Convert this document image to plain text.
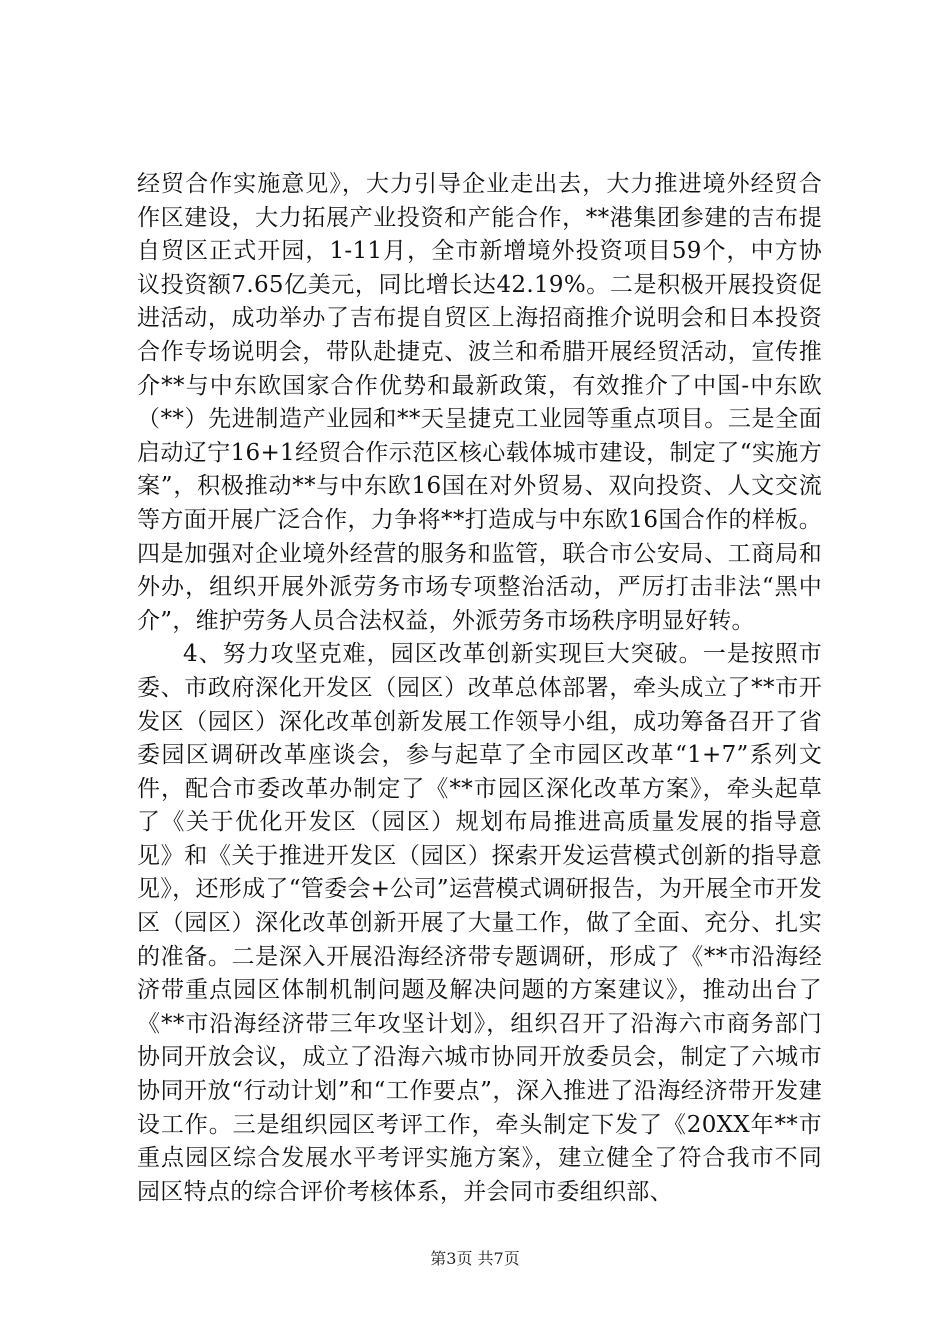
经贸合作实施意见》，大力引导企业走出去，大力推进境外经贸合作区建设，大力拓展产业投资和产能合作，**港集团参建的吉布提自贸区正式开园，1-11月，全市新增境外投资项目59个，中方协议投资额7.65亿美元，同比增长达42.19%。二是积极开展投资促进活动，成功举办了吉布提自贸区上海招商推介说明会和日本投资合作专场说明会，带队赴捷克、波兰和希腊开展经贸活动，宣传推介**与中东欧国家合作优势和最新政策，有效推介了中国-中东欧（**）先进制造产业园和**天呈捷克工业园等重点项目。三是全面启动辽宁16+1经贸合作示范区核心载体城市建设，制定了“实施方案”，积极推动**与中东欧16国在对外贸易、双向投资、人文交流等方面开展广泛合作，力争将**打造成与中东欧16国合作的样板。四是加强对企业境外经营的服务和监管，联合市公安局、工商局和外办，组织开展外派劳务市场专项整治活动，严厉打击非法“黑中介”，维护劳务人员合法权益，外派劳务市场秩序明显好转。

4、努力攻坚克难，园区改革创新实现巨大突破。一是按照市委、市政府深化开发区（园区）改革总体部署，牵头成立了**市开发区（园区）深化改革创新发展工作领导小组，成功筹备召开了省委园区调研改革座谈会，参与起草了全市园区改革“1+7”系列文件，配合市委改革办制定了《**市园区深化改革方案》，牵头起草了《关于优化开发区（园区）规划布局推进高质量发展的指导意见》和《关于推进开发区（园区）探索开发运营模式创新的指导意见》，还形成了“管委会+公司”运营模式调研报告，为开展全市开发区（园区）深化改革创新开展了大量工作，做了全面、充分、扎实的准备。二是深入开展沿海经济带专题调研，形成了《**市沿海经济带重点园区体制机制问题及解决问题的方案建议》，推动出台了《**市沿海经济带三年攻坚计划》，组织召开了沿海六市商务部门协同开放会议，成立了沿海六城市协同开放委员会，制定了六城市协同开放“行动计划”和“工作要点”，深入推进了沿海经济带开发建设工作。三是组织园区考评工作，牵头制定下发了《20XX年**市重点园区综合发展水平考评实施方案》，建立健全了符合我市不同园区特点的综合评价考核体系，并会同市委组织部、

第3页 共7页
